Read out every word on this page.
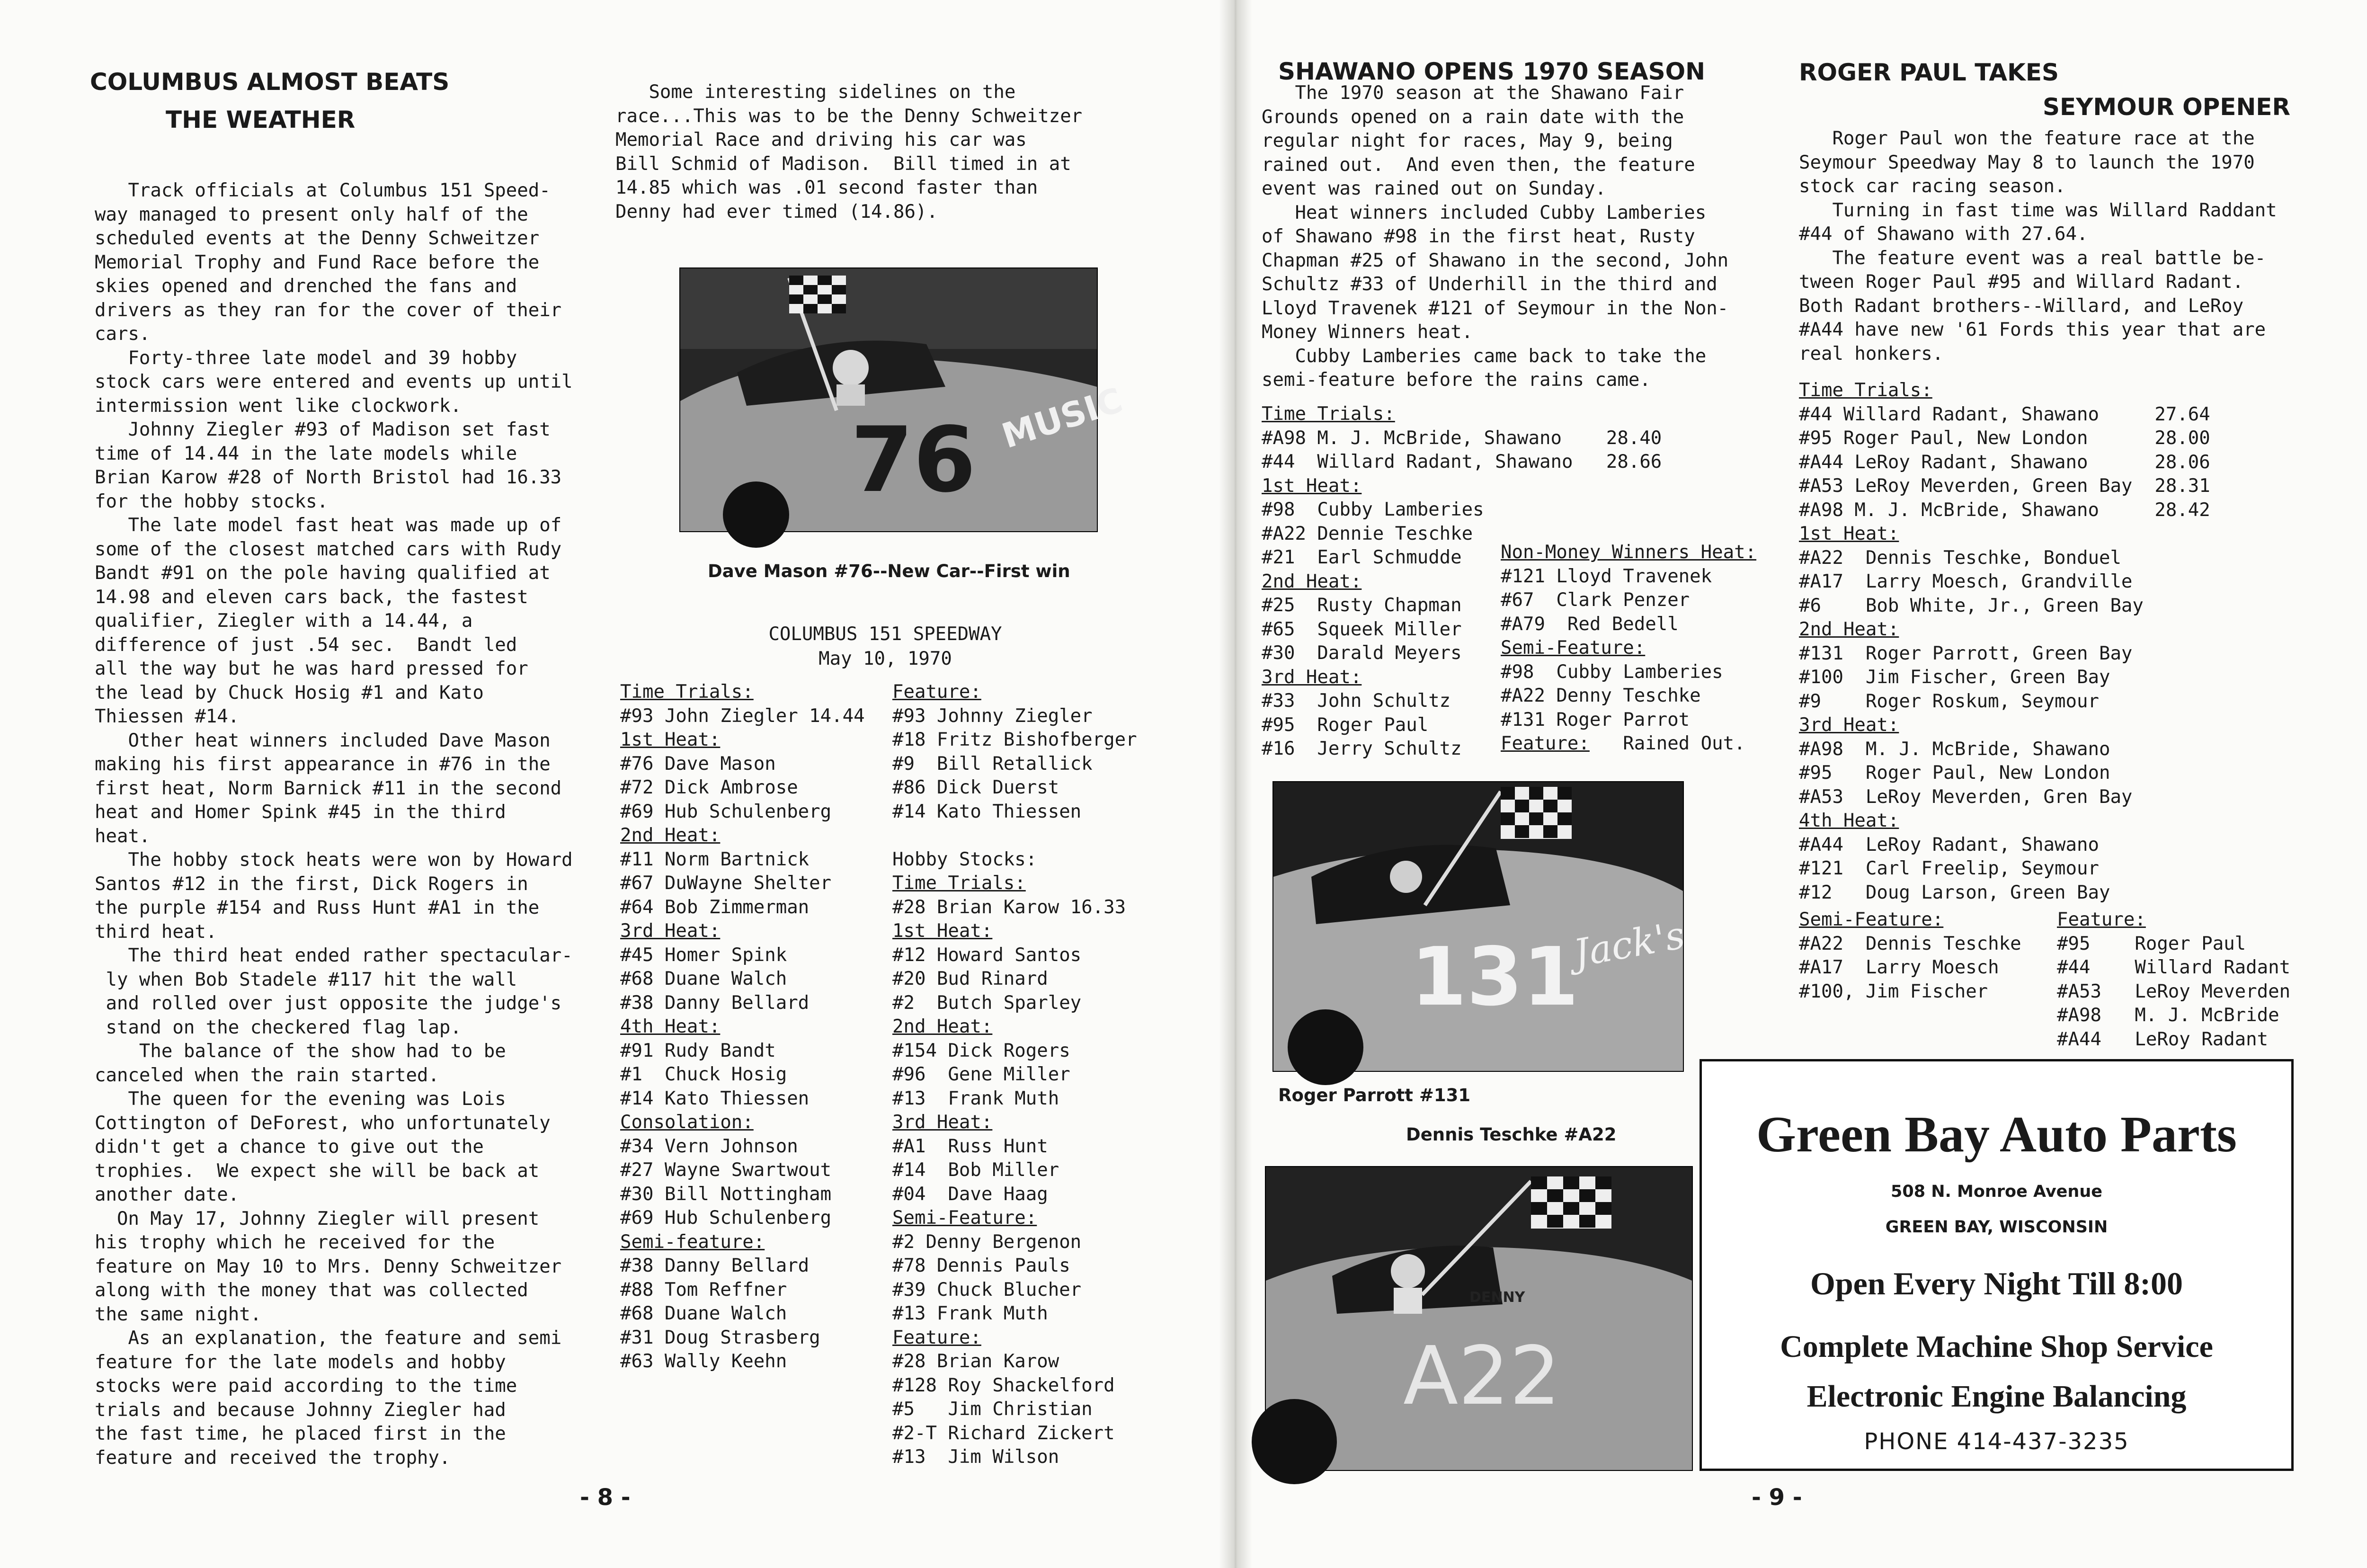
COLUMBUS ALMOST BEATS
THE WEATHER

Track officials at Columbus 151 Speed-
way managed to present only half of the
scheduled events at the Denny Schweitzer
Memorial Trophy and Fund Race before the
skies opened and drenched the fans and
drivers as they ran for the cover of their
cars.

Forty-three late model and 39 hobby
stock cars were entered and events up until
intermission went like clockwork.

Johnny Ziegler #93 of Madison set fast
time of 14.44 in the late models while
Brian Karow #28 of North Bristol had 16.33
for the hobby stocks.

The late model fast heat was made up of
some of the closest matched cars with Rudy
Bandt #91 on the pole having qualified at
14.98 and eleven cars back, the fastest
qualifier, Ziegler with a 14.44, a
difference of just .54 sec.  Bandt led
all the way but he was hard pressed for
the lead by Chuck Hosig #1 and Kato
Thiessen #14.

Other heat winners included Dave Mason
making his first appearance in #76 in the
first heat, Norm Barnick #11 in the second
heat and Homer Spink #45 in the third
heat.

The hobby stock heats were won by Howard
Santos #12 in the first, Dick Rogers in
the purple #154 and Russ Hunt #A1 in the
third heat.

The third heat ended rather spectacular-
ly when Bob Stadele #117 hit the wall
and rolled over just opposite the judge's
stand on the checkered flag lap.

The balance of the show had to be
canceled when the rain started.

The queen for the evening was Lois
Cottington of DeForest, who unfortunately
didn't get a chance to give out the
trophies.  We expect she will be back at
another date.

On May 17, Johnny Ziegler will present
his trophy which he received for the
feature on May 10 to Mrs. Denny Schweitzer
along with the money that was collected
the same night.

As an explanation, the feature and semi
feature for the late models and hobby
stocks were paid according to the time
trials and because Johnny Ziegler had
the fast time, he placed first in the
feature and received the trophy.

Some interesting sidelines on the
race...This was to be the Denny Schweitzer
Memorial Race and driving his car was
Bill Schmid of Madison.  Bill timed in at
14.85 which was .01 second faster than
Denny had ever timed (14.86).
76 MUSIC
Dave Mason #76--New Car--First win
COLUMBUS 151 SPEEDWAY
May 10, 1970
Time Trials:
#93 John Ziegler 14.44
1st Heat:
#76 Dave Mason
#72 Dick Ambrose
#69 Hub Schulenberg
2nd Heat:
#11 Norm Bartnick
#67 DuWayne Shelter
#64 Bob Zimmerman
3rd Heat:
#45 Homer Spink
#68 Duane Walch
#38 Danny Bellard
4th Heat:
#91 Rudy Bandt
#1  Chuck Hosig
#14 Kato Thiessen
Consolation:
#34 Vern Johnson
#27 Wayne Swartwout
#30 Bill Nottingham
#69 Hub Schulenberg
Semi-feature:
#38 Danny Bellard
#88 Tom Reffner
#68 Duane Walch
#31 Doug Strasberg
#63 Wally Keehn
Feature:
#93 Johnny Ziegler
#18 Fritz Bishofberger
#9  Bill Retallick
#86 Dick Duerst
#14 Kato Thiessen
Hobby Stocks:
Time Trials:
#28 Brian Karow 16.33
1st Heat:
#12 Howard Santos
#20 Bud Rinard
#2  Butch Sparley
2nd Heat:
#154 Dick Rogers
#96  Gene Miller
#13  Frank Muth
3rd Heat:
#A1  Russ Hunt
#14  Bob Miller
#04  Dave Haag
Semi-Feature:
#2 Denny Bergenon
#78 Dennis Pauls
#39 Chuck Blucher
#13 Frank Muth
Feature:
#28 Brian Karow
#128 Roy Shackelford
#5   Jim Christian
#2-T Richard Zickert
#13  Jim Wilson
- 8 -
SHAWANO OPENS 1970 SEASON

The 1970 season at the Shawano Fair
Grounds opened on a rain date with the
regular night for races, May 9, being
rained out.  And even then, the feature
event was rained out on Sunday.

Heat winners included Cubby Lamberies
of Shawano #98 in the first heat, Rusty
Chapman #25 of Shawano in the second, John
Schultz #33 of Underhill in the third and
Lloyd Travenek #121 of Seymour in the Non-
Money Winners heat.

Cubby Lamberies came back to take the
semi-feature before the rains came.

Time Trials:
#A98 M. J. McBride, Shawano    28.40
#44  Willard Radant, Shawano   28.66
1st Heat:
#98  Cubby Lamberies
#A22 Dennie Teschke
#21  Earl Schmudde
2nd Heat:
#25  Rusty Chapman
#65  Squeek Miller
#30  Darald Meyers
3rd Heat:
#33  John Schultz
#95  Roger Paul
#16  Jerry Schultz
Non-Money Winners Heat:
#121 Lloyd Travenek
#67  Clark Penzer
#A79  Red Bedell
Semi-Feature:
#98  Cubby Lamberies
#A22 Denny Teschke
#131 Roger Parrot
Feature:   Rained Out.
131
Jack's
Roger Parrott #131
Dennis Teschke #A22
DENNY
A22
ROGER PAUL TAKES
SEYMOUR OPENER

Roger Paul won the feature race at the
Seymour Speedway May 8 to launch the 1970
stock car racing season.

Turning in fast time was Willard Raddant
#44 of Shawano with 27.64.

The feature event was a real battle be-
tween Roger Paul #95 and Willard Radant.
Both Radant brothers--Willard, and LeRoy
#A44 have new '61 Fords this year that are
real honkers.

Time Trials:
#44 Willard Radant, Shawano     27.64
#95 Roger Paul, New London      28.00
#A44 LeRoy Radant, Shawano      28.06
#A53 LeRoy Meverden, Green Bay  28.31
#A98 M. J. McBride, Shawano     28.42
1st Heat:
#A22  Dennis Teschke, Bonduel
#A17  Larry Moesch, Grandville
#6    Bob White, Jr., Green Bay
2nd Heat:
#131  Roger Parrott, Green Bay
#100  Jim Fischer, Green Bay
#9    Roger Roskum, Seymour
3rd Heat:
#A98  M. J. McBride, Shawano
#95   Roger Paul, New London
#A53  LeRoy Meverden, Gren Bay
4th Heat:
#A44  LeRoy Radant, Shawano
#121  Carl Freelip, Seymour
#12   Doug Larson, Green Bay
Semi-Feature:
#A22  Dennis Teschke
#A17  Larry Moesch
#100, Jim Fischer
Feature:
#95    Roger Paul
#44    Willard Radant
#A53   LeRoy Meverden
#A98   M. J. McBride
#A44   LeRoy Radant
Green Bay Auto Parts
508 N. Monroe Avenue
GREEN BAY, WISCONSIN
Open Every Night Till 8:00
Complete Machine Shop Service
Electronic Engine Balancing
PHONE 414-437-3235
- 9 -
